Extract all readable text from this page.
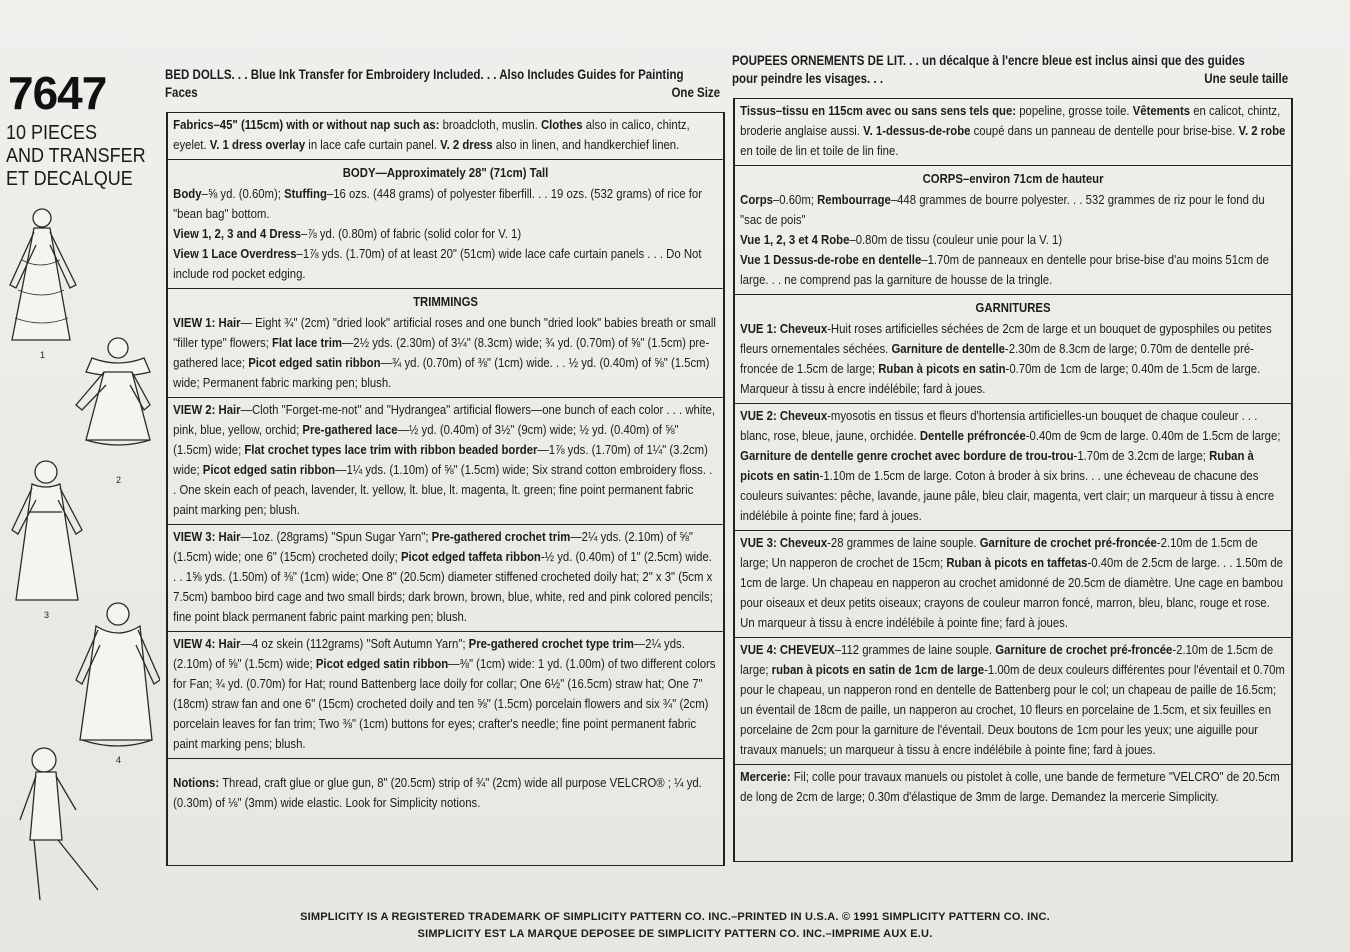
7647
10 PIECES
AND TRANSFER
ET DECALQUE
1
2
3
4
BED DOLLS. . . Blue Ink Transfer for Embroidery Included. . . Also Includes Guides for Painting
Faces	One Size

Fabrics–45" (115cm) with or without nap such as: broadcloth, muslin. Clothes also in calico, chintz, eyelet. V. 1 dress overlay in lace cafe curtain panel. V. 2 dress also in linen, and handkerchief linen.

BODY—Approximately 28" (71cm) Tall

Body–⅝ yd. (0.60m); Stuffing–16 ozs. (448 grams) of polyester fiberfill. . . 19 ozs. (532 grams) of rice for "bean bag" bottom.

View 1, 2, 3 and 4 Dress–⅞ yd. (0.80m) of fabric (solid color for V. 1)

View 1 Lace Overdress–1⅞ yds. (1.70m) of at least 20" (51cm) wide lace cafe curtain panels . . . Do Not include rod pocket edging.

TRIMMINGS

VIEW 1: Hair— Eight ¾" (2cm) "dried look" artificial roses and one bunch "dried look" babies breath or small "filler type" flowers; Flat lace trim—2½ yds. (2.30m) of 3¼" (8.3cm) wide; ¾ yd. (0.70m) of ⅝" (1.5cm) pre-gathered lace; Picot edged satin ribbon—¾ yd. (0.70m) of ⅜" (1cm) wide. . . ½ yd. (0.40m) of ⅝" (1.5cm) wide; Permanent fabric marking pen; blush.

VIEW 2: Hair—Cloth "Forget-me-not" and "Hydrangea" artificial flowers—one bunch of each color . . . white, pink, blue, yellow, orchid; Pre-gathered lace—½ yd. (0.40m) of 3½" (9cm) wide; ½ yd. (0.40m) of ⅝" (1.5cm) wide; Flat crochet types lace trim with ribbon beaded border—1⅞ yds. (1.70m) of 1¼" (3.2cm) wide; Picot edged satin ribbon—1¼ yds. (1.10m) of ⅝" (1.5cm) wide; Six strand cotton embroidery floss. . . One skein each of peach, lavender, lt. yellow, lt. blue, lt. magenta, lt. green; fine point permanent fabric paint marking pen; blush.

VIEW 3: Hair—1oz. (28grams) "Spun Sugar Yarn"; Pre-gathered crochet trim—2¼ yds. (2.10m) of ⅝" (1.5cm) wide; one 6" (15cm) crocheted doily; Picot edged taffeta ribbon-½ yd. (0.40m) of 1" (2.5cm) wide. . . 1⅝ yds. (1.50m) of ⅜" (1cm) wide; One 8" (20.5cm) diameter stiffened crocheted doily hat; 2" x 3" (5cm x 7.5cm) bamboo bird cage and two small birds; dark brown, brown, blue, white, red and pink colored pencils; fine point black permanent fabric paint marking pen; blush.

VIEW 4: Hair—4 oz skein (112grams) "Soft Autumn Yarn"; Pre-gathered crochet type trim—2¼ yds. (2.10m) of ⅝" (1.5cm) wide; Picot edged satin ribbon—⅜" (1cm) wide: 1 yd. (1.00m) of two different colors for Fan; ¾ yd. (0.70m) for Hat; round Battenberg lace doily for collar; One 6½" (16.5cm) straw hat; One 7" (18cm) straw fan and one 6" (15cm) crocheted doily and ten ⅝" (1.5cm) porcelain flowers and six ¾" (2cm) porcelain leaves for fan trim; Two ⅜" (1cm) buttons for eyes; crafter's needle; fine point permanent fabric paint marking pens; blush.

Notions: Thread, craft glue or glue gun, 8" (20.5cm) strip of ¾" (2cm) wide all purpose VELCRO® ; ¼ yd. (0.30m) of ⅛" (3mm) wide elastic. Look for Simplicity notions.

POUPEES ORNEMENTS DE LIT. . . un décalque à l'encre bleue est inclus ainsi que des guides
pour peindre les visages. . .	Une seule taille

Tissus–tissu en 115cm avec ou sans sens tels que: popeline, grosse toile. Vêtements en calicot, chintz, broderie anglaise aussi. V. 1-dessus-de-robe coupé dans un panneau de dentelle pour brise-bise. V. 2 robe en toile de lin et toile de lin fine.

CORPS–environ 71cm de hauteur

Corps–0.60m; Rembourrage–448 grammes de bourre polyester. . . 532 grammes de riz pour le fond du "sac de pois"

Vue 1, 2, 3 et 4 Robe–0.80m de tissu (couleur unie pour la V. 1)

Vue 1 Dessus-de-robe en dentelle–1.70m de panneaux en dentelle pour brise-bise d'au moins 51cm de large. . . ne comprend pas la garniture de housse de la tringle.

GARNITURES

VUE 1: Cheveux-Huit roses artificielles séchées de 2cm de large et un bouquet de gyposphiles ou petites fleurs ornementales séchées. Garniture de dentelle-2.30m de 8.3cm de large; 0.70m de dentelle pré-froncée de 1.5cm de large; Ruban à picots en satin-0.70m de 1cm de large; 0.40m de 1.5cm de large. Marqueur à tissu à encre indélébile; fard à joues.

VUE 2: Cheveux-myosotis en tissus et fleurs d'hortensia artificielles-un bouquet de chaque couleur . . . blanc, rose, bleue, jaune, orchidée. Dentelle préfroncée-0.40m de 9cm de large. 0.40m de 1.5cm de large; Garniture de dentelle genre crochet avec bordure de trou-trou-1.70m de 3.2cm de large; Ruban à picots en satin-1.10m de 1.5cm de large. Coton à broder à six brins. . . une écheveau de chacune des couleurs suivantes: pêche, lavande, jaune pâle, bleu clair, magenta, vert clair; un marqueur à tissu à encre indélébile à pointe fine; fard à joues.

VUE 3: Cheveux-28 grammes de laine souple. Garniture de crochet pré-froncée-2.10m de 1.5cm de large; Un napperon de crochet de 15cm; Ruban à picots en taffetas-0.40m de 2.5cm de large. . . 1.50m de 1cm de large. Un chapeau en napperon au crochet amidonné de 20.5cm de diamètre. Une cage en bambou pour oiseaux et deux petits oiseaux; crayons de couleur marron foncé, marron, bleu, blanc, rouge et rose. Un marqueur à tissu à encre indélébile à pointe fine; fard à joues.

VUE 4: CHEVEUX–112 grammes de laine souple. Garniture de crochet pré-froncée-2.10m de 1.5cm de large; ruban à picots en satin de 1cm de large-1.00m de deux couleurs différentes pour l'éventail et 0.70m pour le chapeau, un napperon rond en dentelle de Battenberg pour le col; un chapeau de paille de 16.5cm; un éventail de 18cm de paille, un napperon au crochet, 10 fleurs en porcelaine de 1.5cm, et six feuilles en porcelaine de 2cm pour la garniture de l'éventail. Deux boutons de 1cm pour les yeux; une aiguille pour travaux manuels; un marqueur à tissu à encre indélébile à pointe fine; fard à joues.

Mercerie: Fil; colle pour travaux manuels ou pistolet à colle, une bande de fermeture "VELCRO" de 20.5cm de long de 2cm de large; 0.30m d'élastique de 3mm de large. Demandez la mercerie Simplicity.

SIMPLICITY IS A REGISTERED TRADEMARK OF SIMPLICITY PATTERN CO. INC.–PRINTED IN U.S.A. © 1991 SIMPLICITY PATTERN CO. INC.
SIMPLICITY EST LA MARQUE DEPOSEE DE SIMPLICITY PATTERN CO. INC.–IMPRIME AUX E.U.
